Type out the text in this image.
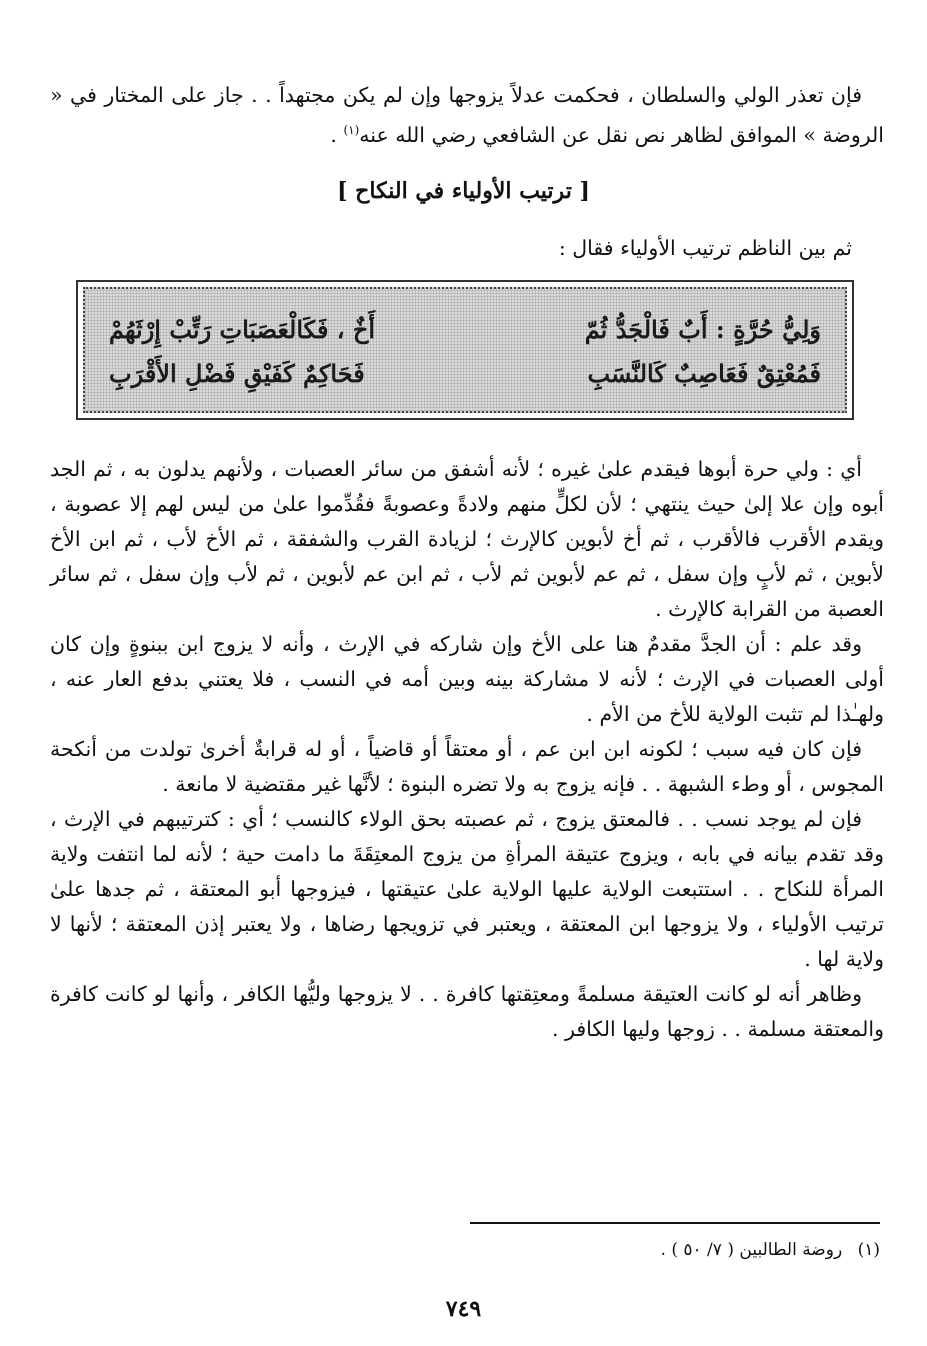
فإن تعذر الولي والسلطان ، فحكمت عدلاً يزوجها وإن لم يكن مجتهداً . . جاز على المختار في « الروضة » الموافق لظاهر نص نقل عن الشافعي رضي الله عنه$^{(١)}$ .

[ ترتيب الأولياء في النكاح ]
ثم بين الناظم ترتيب الأولياء فقال :
وَلِيُّ حُرَّةٍ : أَبٌ فَالْجَدُّ ثُمّ
أَخٌ ، فَكَالْعَصَبَاتِ رَتِّبْ إِرْثَهُمْ
فَمُعْتِقٌ فَعَاصِبٌ كَالنَّسَبِ
فَحَاكِمٌ كَفَيْقِ فَضْلِ الأَقْرَبِ

أي : ولي حرة أبوها فيقدم علىٰ غيره ؛ لأنه أشفق من سائر العصبات ، ولأنهم يدلون به ، ثم الجد أبوه وإن علا إلىٰ حيث ينتهي ؛ لأن لكلٍّ منهم ولادةً وعصوبةً فقُدِّموا علىٰ من ليس لهم إلا عصوبة ، ويقدم الأقرب فالأقرب ، ثم أخ لأبوين كالإرث ؛ لزيادة القرب والشفقة ، ثم الأخ لأب ، ثم ابن الأخ لأبوين ، ثم لأبٍ وإن سفل ، ثم عم لأبوين ثم لأب ، ثم ابن عم لأبوين ، ثم لأب وإن سفل ، ثم سائر العصبة من القرابة كالإرث .

وقد علم : أن الجدَّ مقدمٌ هنا على الأخ وإن شاركه في الإرث ، وأنه لا يزوج ابن ببنوةٍ وإن كان أولى العصبات في الإرث ؛ لأنه لا مشاركة بينه وبين أمه في النسب ، فلا يعتني بدفع العار عنه ، ولهـٰذا لم تثبت الولاية للأخ من الأم .

فإن كان فيه سبب ؛ لكونه ابن ابن عم ، أو معتقاً أو قاضياً ، أو له قرابةٌ أخرىٰ تولدت من أنكحة المجوس ، أو وطء الشبهة . . فإنه يزوج به ولا تضره البنوة ؛ لأنَّها غير مقتضية لا مانعة .

فإن لم يوجد نسب . . فالمعتق يزوج ، ثم عصبته بحق الولاء كالنسب ؛ أي : كترتيبهم في الإرث ، وقد تقدم بيانه في بابه ، ويزوج عتيقة المرأةِ من يزوج المعتِقَةَ ما دامت حية ؛ لأنه لما انتفت ولاية المرأة للنكاح . . استتبعت الولاية عليها الولاية علىٰ عتيقتها ، فيزوجها أبو المعتقة ، ثم جدها علىٰ ترتيب الأولياء ، ولا يزوجها ابن المعتقة ، ويعتبر في تزويجها رضاها ، ولا يعتبر إذن المعتقة ؛ لأنها لا ولاية لها .

وظاهر أنه لو كانت العتيقة مسلمةً ومعتِقتها كافرة . . لا يزوجها وليُّها الكافر ، وأنها لو كانت كافرة والمعتقة مسلمة . . زوجها وليها الكافر .

(١) روضة الطالبين ( ٧/ ٥٠ ) .
٧٤٩
